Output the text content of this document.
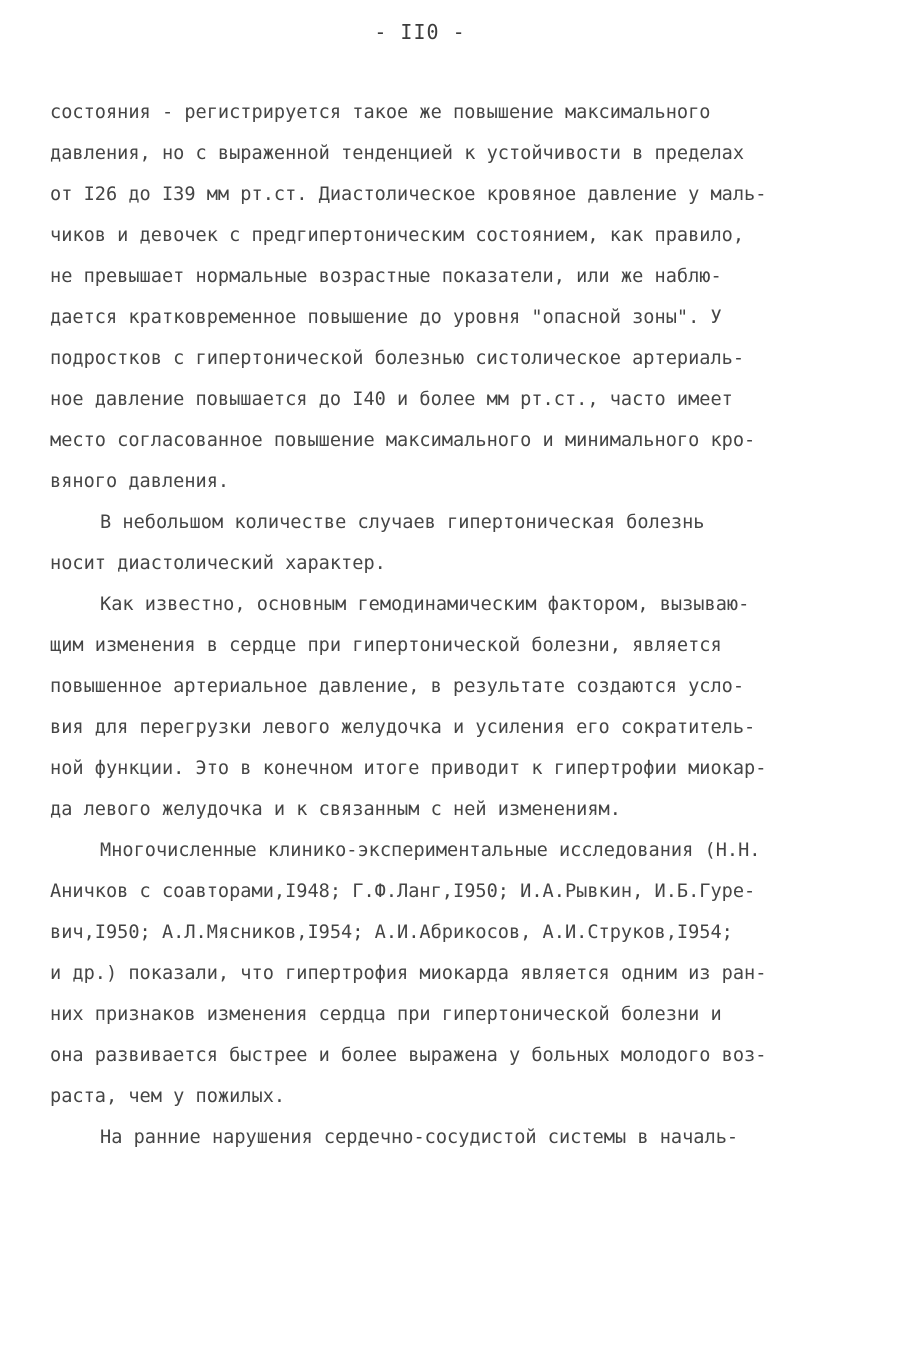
- II0 -
состояния - регистрируется такое же повышение максимального
давления, но с выраженной тенденцией к устойчивости в пределах
от I26 до I39 мм рт.ст. Диастолическое кровяное давление у маль-
чиков и девочек с предгипертоническим состоянием, как правило,
не превышает нормальные возрастные показатели, или же наблю-
дается кратковременное повышение до уровня "опасной зоны". У
подростков с гипертонической болезнью систолическое артериаль-
ное давление повышается до I40 и более мм рт.ст., часто имеет
место согласованное повышение максимального и минимального кро-
вяного давления.
В небольшом количестве случаев гипертоническая болезнь
носит диастолический характер.
Как известно, основным гемодинамическим фактором, вызываю-
щим изменения в сердце при гипертонической болезни, является
повышенное артериальное давление, в результате создаются усло-
вия для перегрузки левого желудочка и усиления его сократитель-
ной функции. Это в конечном итоге приводит к гипертрофии миокар-
да левого желудочка и к связанным с ней изменениям.
Многочисленные клинико-экспериментальные исследования (Н.Н.
Аничков с соавторами,I948; Г.Ф.Ланг,I950; И.А.Рывкин, И.Б.Гуре-
вич,I950; А.Л.Мясников,I954; А.И.Абрикосов, А.И.Струков,I954;
и др.) показали, что гипертрофия миокарда является одним из ран-
них признаков изменения сердца при гипертонической болезни и
она развивается быстрее и более выражена у больных молодого воз-
раста, чем у пожилых.
На ранние нарушения сердечно-сосудистой системы в началь-
